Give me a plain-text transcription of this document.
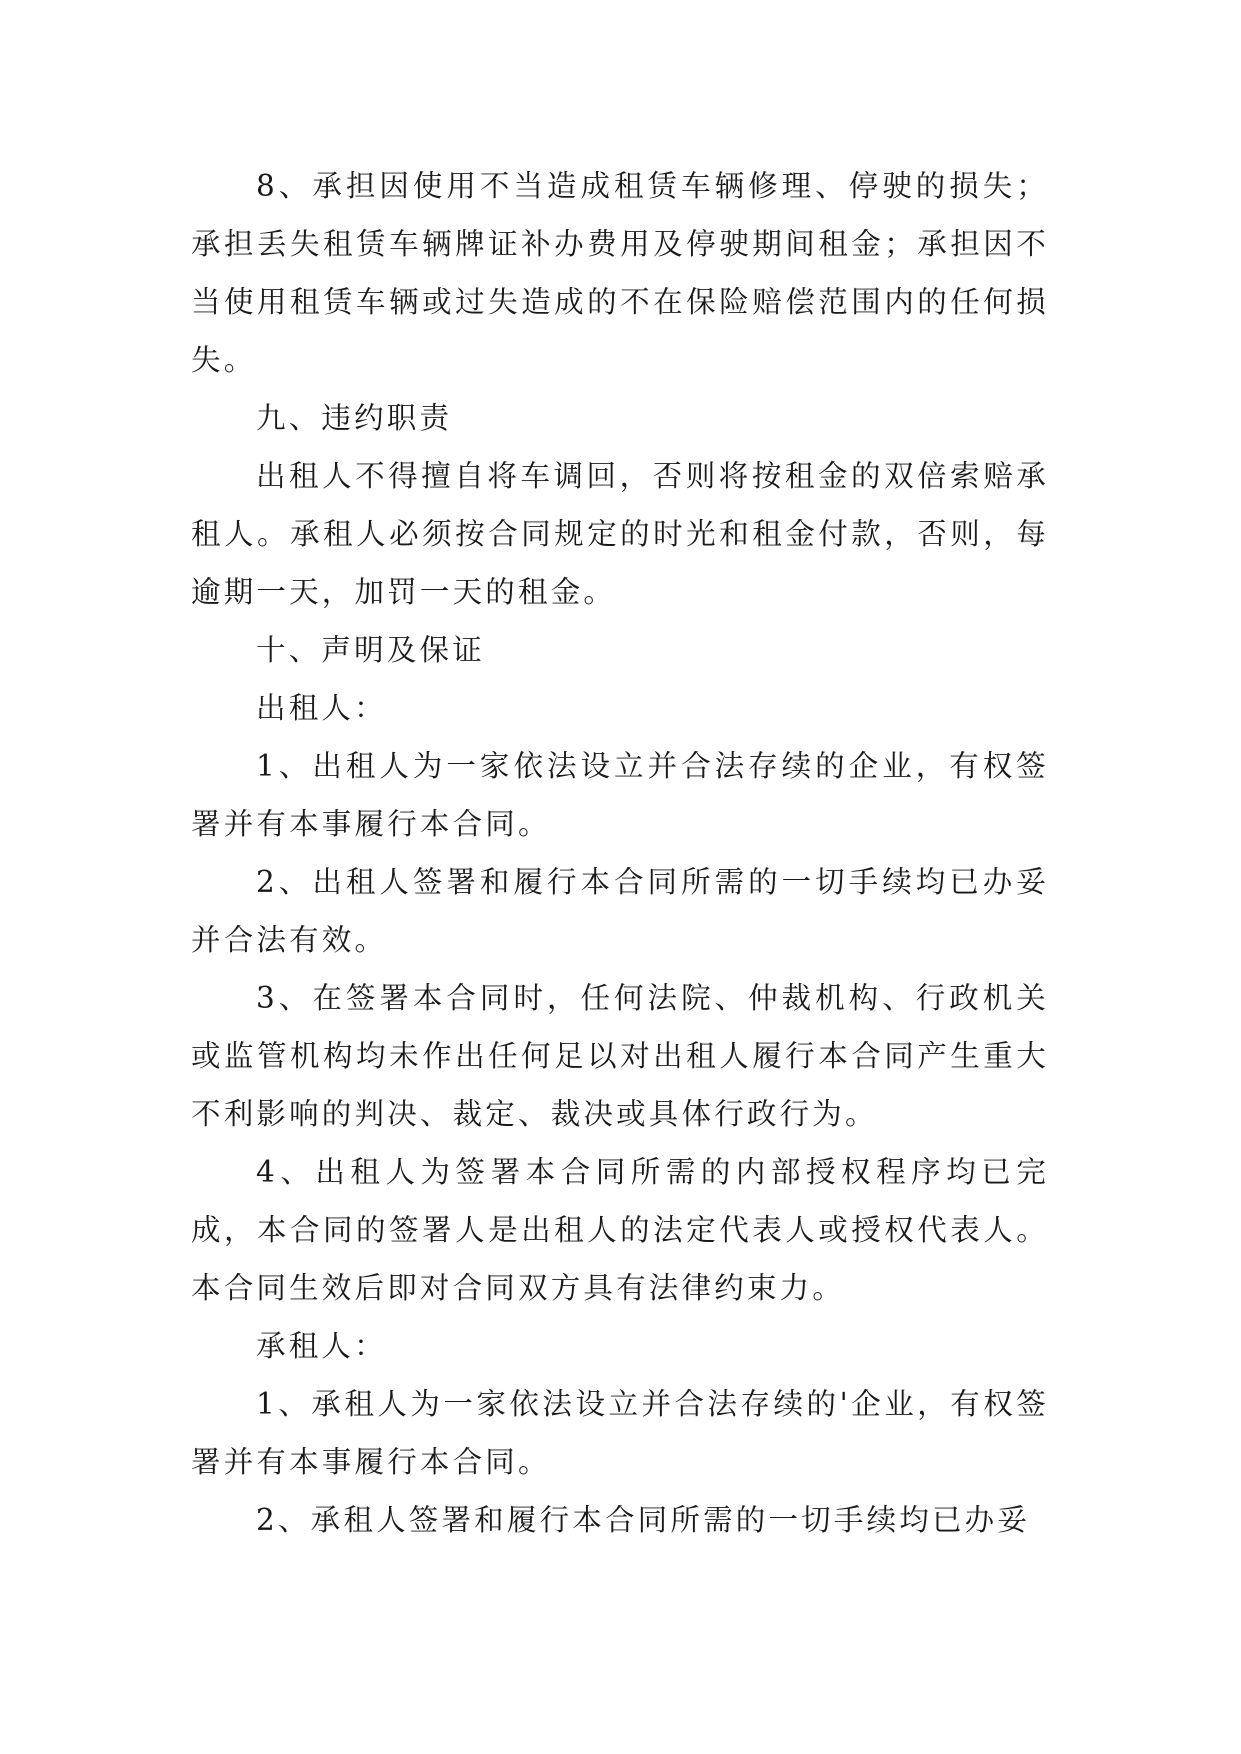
8、承担因使用不当造成租赁车辆修理、停驶的损失；承担丢失租赁车辆牌证补办费用及停驶期间租金；承担因不当使用租赁车辆或过失造成的不在保险赔偿范围内的任何损失。

九、违约职责

出租人不得擅自将车调回，否则将按租金的双倍索赔承租人。承租人必须按合同规定的时光和租金付款，否则，每逾期一天，加罚一天的租金。

十、声明及保证

出租人：

1、出租人为一家依法设立并合法存续的企业，有权签署并有本事履行本合同。

2、出租人签署和履行本合同所需的一切手续均已办妥并合法有效。

3、在签署本合同时，任何法院、仲裁机构、行政机关或监管机构均未作出任何足以对出租人履行本合同产生重大不利影响的判决、裁定、裁决或具体行政行为。

4、出租人为签署本合同所需的内部授权程序均已完成，本合同的签署人是出租人的法定代表人或授权代表人。本合同生效后即对合同双方具有法律约束力。

承租人：

1、承租人为一家依法设立并合法存续的'企业，有权签署并有本事履行本合同。

2、承租人签署和履行本合同所需的一切手续均已办妥
